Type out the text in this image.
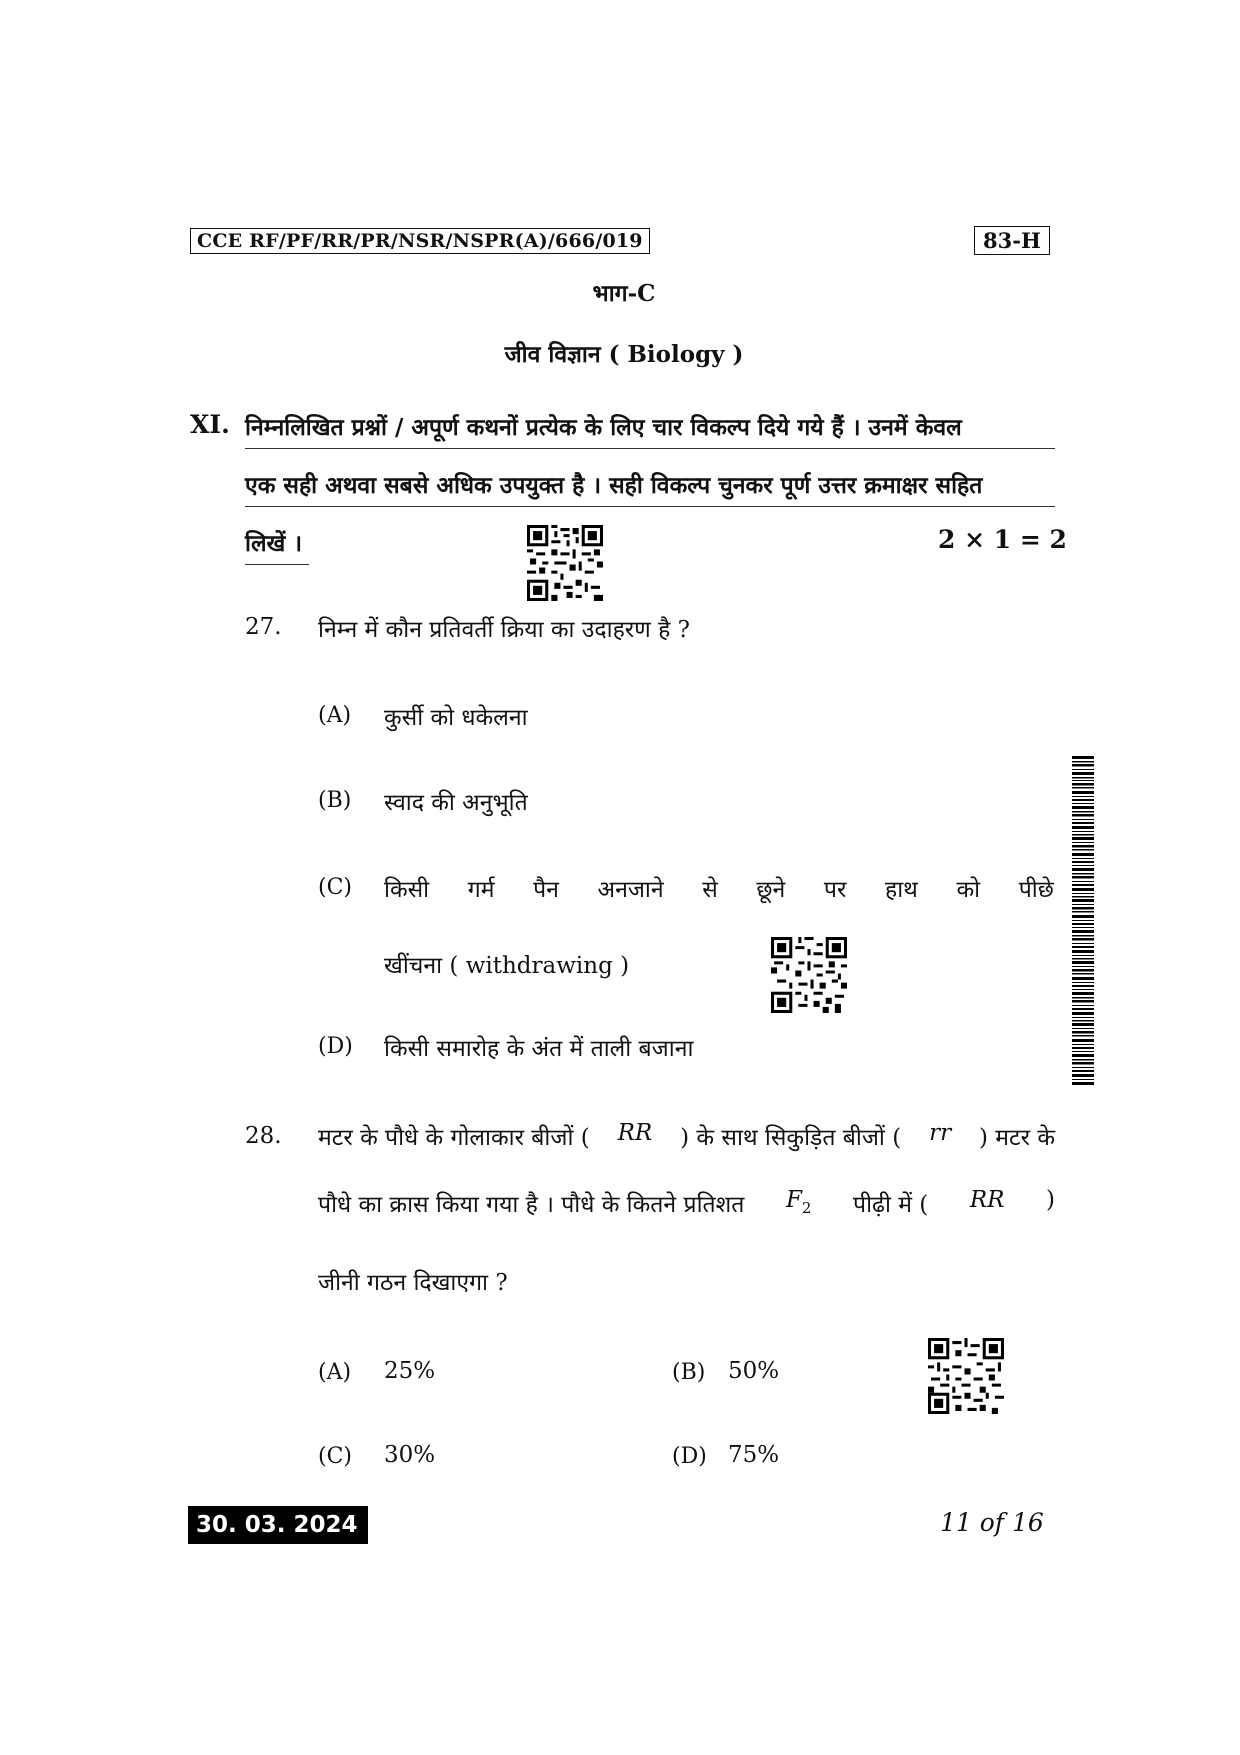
CCE RF/PF/RR/PR/NSR/NSPR(A)/666/019	83-H
भाग-C
जीव विज्ञान ( Biology )
XI. निम्नलिखित प्रश्नों / अपूर्ण कथनों प्रत्येक के लिए चार विकल्प दिये गये हैं । उनमें केवल
एक सही अथवा सबसे अधिक उपयुक्त है । सही विकल्प चुनकर पूर्ण उत्तर क्रमाक्षर सहित
लिखें ।	2 × 1 = 2
27. निम्न में कौन प्रतिवर्ती क्रिया का उदाहरण है ?
(A) कुर्सी को धकेलना
(B) स्वाद की अनुभूति
(C) किसी गर्म पैन अनजाने से छूने पर हाथ को पीछे
खींचना ( withdrawing )
(D) किसी समारोह के अंत में ताली बजाना
28. मटर के पौधे के गोलाकार बीजों ( RR ) के साथ सिकुड़ित बीजों ( rr ) मटर के
पौधे का क्रास किया गया है । पौधे के कितने प्रतिशत $F_2$ पीढ़ी में ( RR )
जीनी गठन दिखाएगा ?
(A) 25%	(B) 50%
(C) 30%	(D) 75%
30. 03. 2024	11 of 16
